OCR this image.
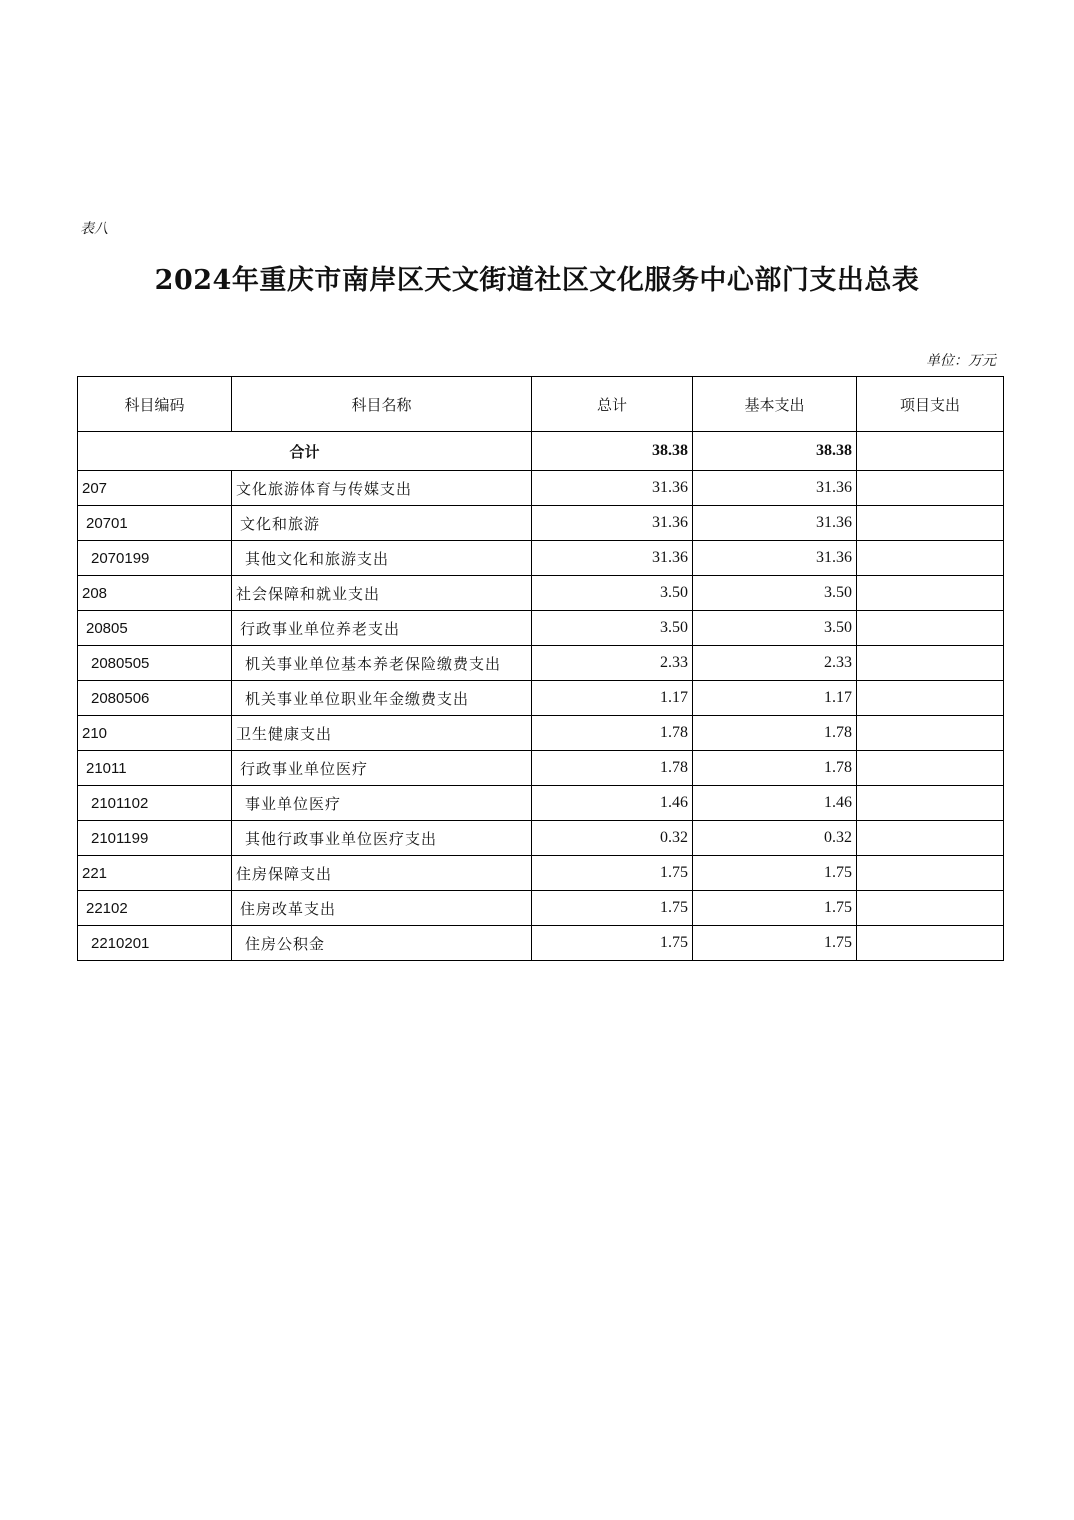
表八
2024年重庆市南岸区天文街道社区文化服务中心部门支出总表
单位：万元
科目编码	科目名称	总计	基本支出	项目支出
合计		38.38	38.38	
207	文化旅游体育与传媒支出	31.36	31.36	
20701	文化和旅游	31.36	31.36	
2070199	其他文化和旅游支出	31.36	31.36	
208	社会保障和就业支出	3.50	3.50	
20805	行政事业单位养老支出	3.50	3.50	
2080505	机关事业单位基本养老保险缴费支出	2.33	2.33	
2080506	机关事业单位职业年金缴费支出	1.17	1.17	
210	卫生健康支出	1.78	1.78	
21011	行政事业单位医疗	1.78	1.78	
2101102	事业单位医疗	1.46	1.46	
2101199	其他行政事业单位医疗支出	0.32	0.32	
221	住房保障支出	1.75	1.75	
22102	住房改革支出	1.75	1.75	
2210201	住房公积金	1.75	1.75	
